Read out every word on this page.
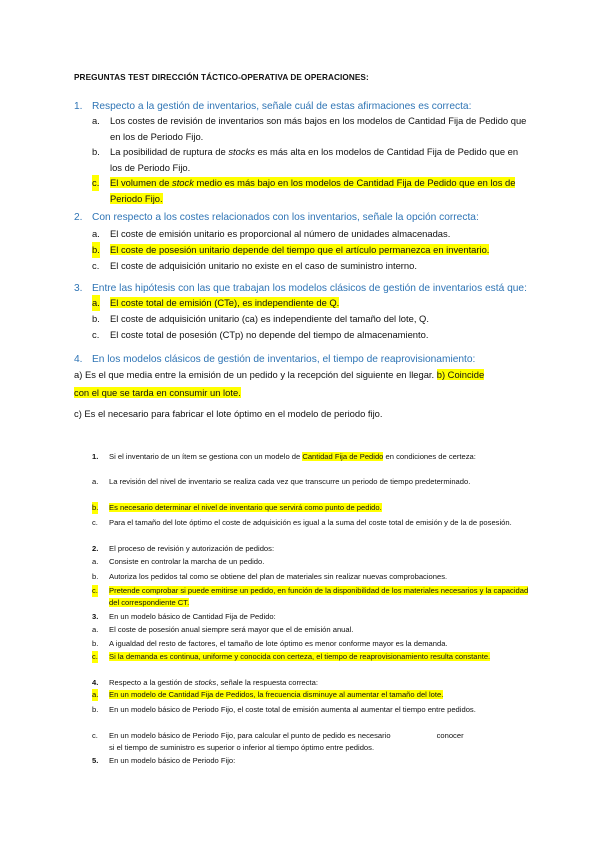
PREGUNTAS TEST DIRECCIÓN TÁCTICO-OPERATIVA DE OPERACIONES:
1. Respecto a la gestión de inventarios, señale cuál de estas afirmaciones es correcta:
a. Los costes de revisión de inventarios son más bajos en los modelos de Cantidad Fija de Pedido que en los de Periodo Fijo.
b. La posibilidad de ruptura de stocks es más alta en los modelos de Cantidad Fija de Pedido que en los de Periodo Fijo.
c. El volumen de stock medio es más bajo en los modelos de Cantidad Fija de Pedido que en los de Periodo Fijo.
2. Con respecto a los costes relacionados con los inventarios, señale la opción correcta:
a. El coste de emisión unitario es proporcional al número de unidades almacenadas.
b. El coste de posesión unitario depende del tiempo que el artículo permanezca en inventario.
c. El coste de adquisición unitario no existe en el caso de suministro interno.
3. Entre las hipótesis con las que trabajan los modelos clásicos de gestión de inventarios está que:
a. El coste total de emisión (CTe), es independiente de Q.
b. El coste de adquisición unitario (ca) es independiente del tamaño del lote, Q.
c. El coste total de posesión (CTp) no depende del tiempo de almacenamiento.
4. En los modelos clásicos de gestión de inventarios, el tiempo de reaprovisionamiento:
a) Es el que media entre la emisión de un pedido y la recepción del siguiente en llegar. b) Coincide
con el que se tarda en consumir un lote.
c) Es el necesario para fabricar el lote óptimo en el modelo de periodo fijo.
1. Si el inventario de un ítem se gestiona con un modelo de Cantidad Fija de Pedido en condiciones de certeza:
a. La revisión del nivel de inventario se realiza cada vez que transcurre un periodo de tiempo predeterminado.
b. Es necesario determinar el nivel de inventario que servirá como punto de pedido.
c. Para el tamaño del lote óptimo el coste de adquisición es igual a la suma del coste total de emisión y de la de posesión.
2. El proceso de revisión y autorización de pedidos:
a. Consiste en controlar la marcha de un pedido.
b. Autoriza los pedidos tal como se obtiene del plan de materiales sin realizar nuevas comprobaciones.
c. Pretende comprobar si puede emitirse un pedido, en función de la disponibilidad de los materiales necesarios y la capacidad del correspondiente CT.
3. En un modelo básico de Cantidad Fija de Pedido:
a. El coste de posesión anual siempre será mayor que el de emisión anual.
b. A igualdad del resto de factores, el tamaño de lote óptimo es menor conforme mayor es la demanda.
c. Si la demanda es continua, uniforme y conocida con certeza, el tiempo de reaprovisionamiento resulta constante.
4. Respecto a la gestión de stocks, señale la respuesta correcta:
a. En un modelo de Cantidad Fija de Pedidos, la frecuencia disminuye al aumentar el tamaño del lote.
b. En un modelo básico de Periodo Fijo, el coste total de emisión aumenta al aumentar el tiempo entre pedidos.
c. En un modelo básico de Periodo Fijo, para calcular el punto de pedido es necesario	conocer
si el tiempo de suministro es superior o inferior al tiempo óptimo entre pedidos.
5. En un modelo básico de Periodo Fijo:
